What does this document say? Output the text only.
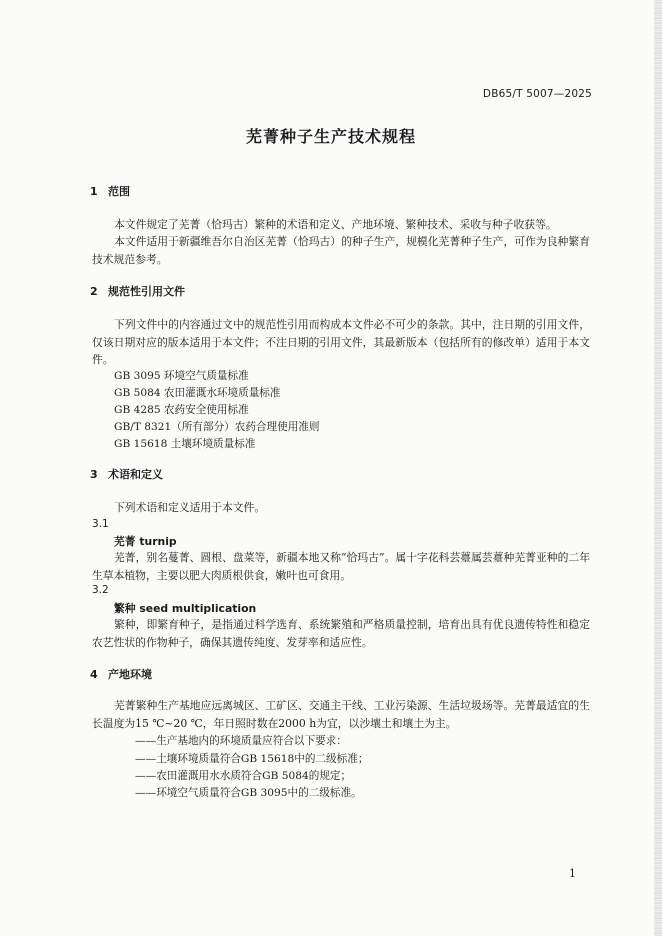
DB65/T 5007—2025
芜菁种子生产技术规程
1 范围

本文件规定了芜菁（恰玛古）繁种的术语和定义、产地环境、繁种技术、采收与种子收获等。

本文件适用于新疆维吾尔自治区芜菁（恰玛古）的种子生产，规模化芜菁种子生产，可作为良种繁育技术规范参考。

2 规范性引用文件

下列文件中的内容通过文中的规范性引用而构成本文件必不可少的条款。其中，注日期的引用文件，仅该日期对应的版本适用于本文件；不注日期的引用文件，其最新版本（包括所有的修改单）适用于本文件。

GB 3095 环境空气质量标准
GB 5084 农田灌溉水环境质量标准
GB 4285 农药安全使用标准
GB/T 8321（所有部分）农药合理使用准则
GB 15618 土壤环境质量标准
3 术语和定义

下列术语和定义适用于本文件。

3.1
芜菁 turnip

芜菁，别名蔓菁、圆根、盘菜等，新疆本地又称“恰玛古”。属十字花科芸薹属芸薹种芜菁亚种的二年生草本植物，主要以肥大肉质根供食，嫩叶也可食用。

3.2
繁种 seed multiplication

繁种，即繁育种子，是指通过科学选育、系统繁殖和严格质量控制，培育出具有优良遗传特性和稳定农艺性状的作物种子，确保其遗传纯度、发芽率和适应性。

4 产地环境

芜菁繁种生产基地应远离城区、工矿区、交通主干线、工业污染源、生活垃圾场等。芜菁最适宜的生长温度为15 ℃~20 ℃，年日照时数在2000 h为宜，以沙壤土和壤土为主。

——生产基地内的环境质量应符合以下要求：
——土壤环境质量符合GB 15618中的二级标准；
——农田灌溉用水水质符合GB 5084的规定；
——环境空气质量符合GB 3095中的二级标准。
1
